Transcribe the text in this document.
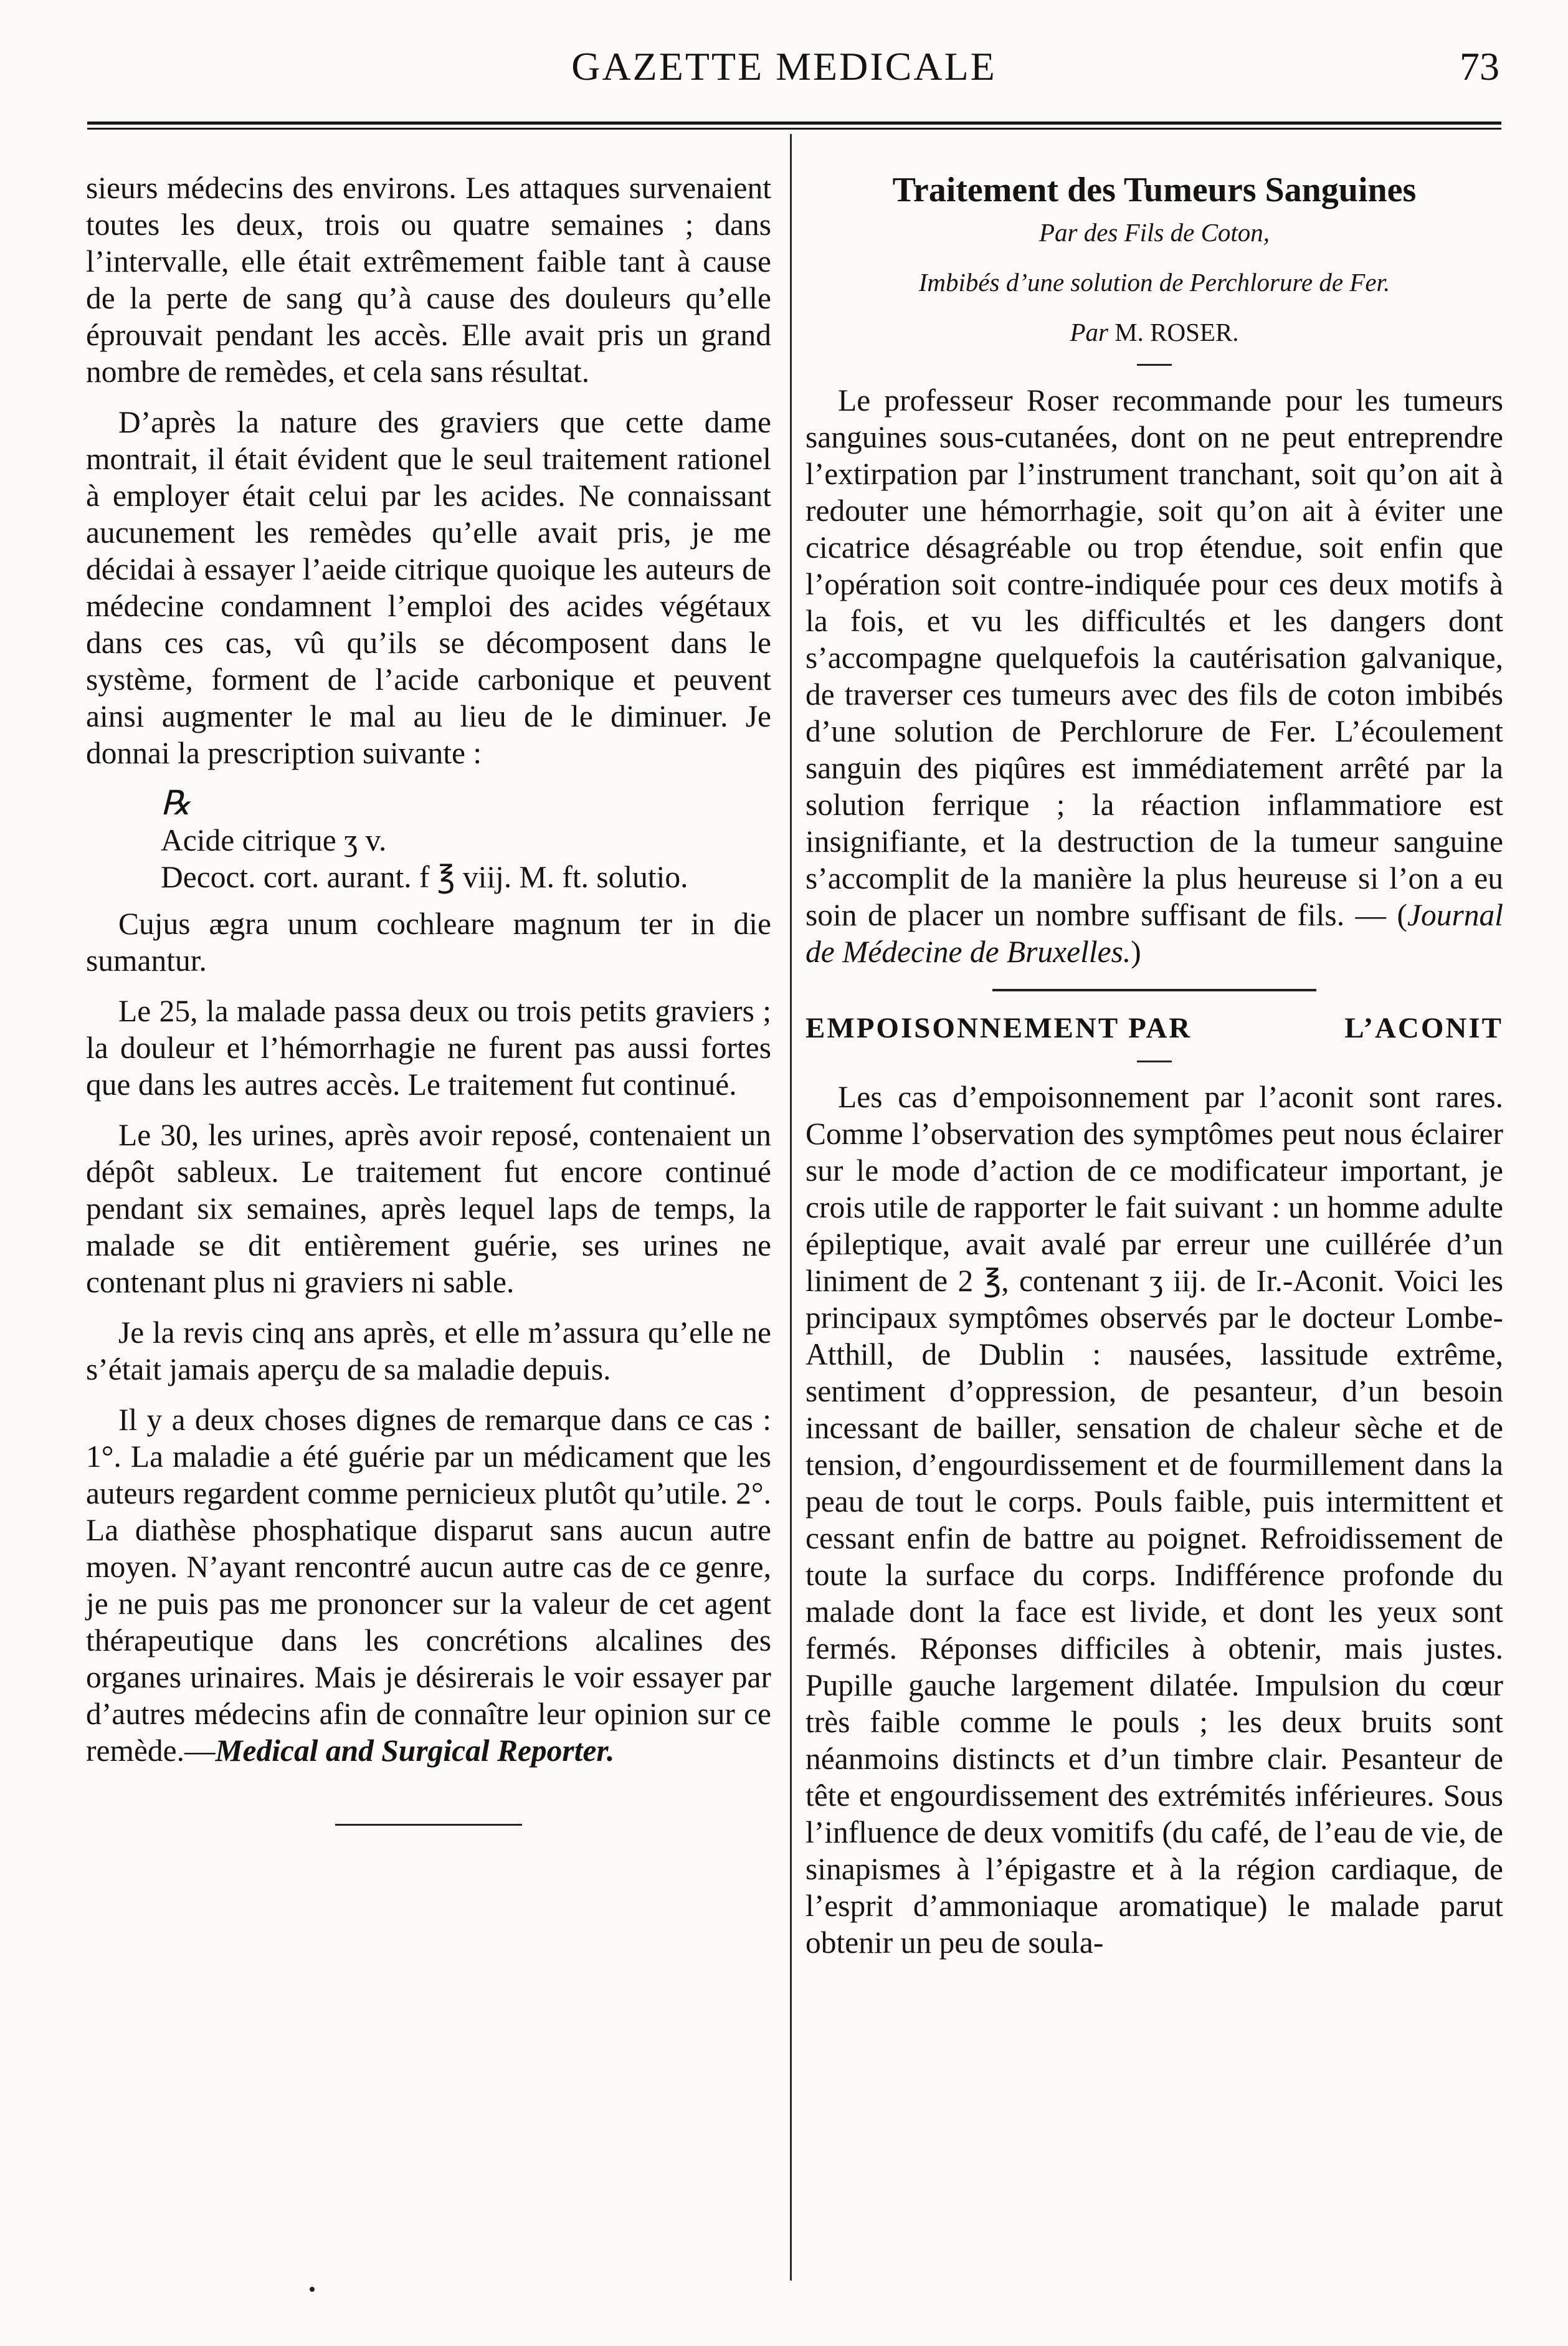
GAZETTE MEDICALE	73

sieurs médecins des environs. Les attaques survenaient toutes les deux, trois ou quatre semaines ; dans l’intervalle, elle était extrêmement faible tant à cause de la perte de sang qu’à cause des douleurs qu’elle éprouvait pendant les accès. Elle avait pris un grand nombre de remèdes, et cela sans résultat.

D’après la nature des graviers que cette dame montrait, il était évident que le seul traitement rationel à employer était celui par les acides. Ne connaissant aucunement les remèdes qu’elle avait pris, je me décidai à essayer l’aeide citrique quoique les auteurs de médecine condamnent l’emploi des acides végétaux dans ces cas, vû qu’ils se décomposent dans le système, forment de l’acide carbonique et peuvent ainsi augmenter le mal au lieu de le diminuer. Je donnai la prescription suivante :

℞
Acide citrique ʒ v.
Decoct. cort. aurant. f ℥ viij. M. ft. solutio.

Cujus ægra unum cochleare magnum ter in die sumantur.

Le 25, la malade passa deux ou trois petits graviers ; la douleur et l’hémorrhagie ne furent pas aussi fortes que dans les autres accès. Le traitement fut continué.

Le 30, les urines, après avoir reposé, contenaient un dépôt sableux. Le traitement fut encore continué pendant six semaines, après lequel laps de temps, la malade se dit entièrement guérie, ses urines ne contenant plus ni graviers ni sable.

Je la revis cinq ans après, et elle m’assura qu’elle ne s’était jamais aperçu de sa maladie depuis.

Il y a deux choses dignes de remarque dans ce cas : 1°. La maladie a été guérie par un médicament que les auteurs regardent comme pernicieux plutôt qu’utile. 2°. La diathèse phosphatique disparut sans aucun autre moyen. N’ayant rencontré aucun autre cas de ce genre, je ne puis pas me prononcer sur la valeur de cet agent thérapeutique dans les concrétions alcalines des organes urinaires. Mais je désirerais le voir essayer par d’autres médecins afin de connaître leur opinion sur ce remède.—Medical and Surgical Reporter.

Traitement des Tumeurs Sanguines

Par des Fils de Coton,

Imbibés d’une solution de Perchlorure de Fer.

Par M. ROSER.

Le professeur Roser recommande pour les tumeurs sanguines sous-cutanées, dont on ne peut entreprendre l’extirpation par l’instrument tranchant, soit qu’on ait à redouter une hémorrhagie, soit qu’on ait à éviter une cicatrice désagréable ou trop étendue, soit enfin que l’opération soit contre-indiquée pour ces deux motifs à la fois, et vu les difficultés et les dangers dont s’accompagne quelquefois la cautérisation galvanique, de traverser ces tumeurs avec des fils de coton imbibés d’une solution de Perchlorure de Fer. L’écoulement sanguin des piqûres est immédiatement arrêté par la solution ferrique ; la réaction inflammatiore est insignifiante, et la destruction de la tumeur sanguine s’accomplit de la manière la plus heureuse si l’on a eu soin de placer un nombre suffisant de fils. — (Journal de Médecine de Bruxelles.)

EMPOISONNEMENT PAR	L’ACONIT

Les cas d’empoisonnement par l’aconit sont rares. Comme l’observation des symptômes peut nous éclairer sur le mode d’action de ce modificateur important, je crois utile de rapporter le fait suivant : un homme adulte épileptique, avait avalé par erreur une cuillérée d’un liniment de 2 ℥, contenant ʒ iij. de Ir.-Aconit. Voici les principaux symptômes observés par le docteur Lombe-Atthill, de Dublin : nausées, lassitude extrême, sentiment d’oppression, de pesanteur, d’un besoin incessant de bailler, sensation de chaleur sèche et de tension, d’engourdissement et de fourmillement dans la peau de tout le corps. Pouls faible, puis intermittent et cessant enfin de battre au poignet. Refroidissement de toute la surface du corps. Indifférence profonde du malade dont la face est livide, et dont les yeux sont fermés. Réponses difficiles à obtenir, mais justes. Pupille gauche largement dilatée. Impulsion du cœur très faible comme le pouls ; les deux bruits sont néanmoins distincts et d’un timbre clair. Pesanteur de tête et engourdissement des extrémités inférieures. Sous l’influence de deux vomitifs (du café, de l’eau de vie, de sinapismes à l’épigastre et à la région cardiaque, de l’esprit d’ammoniaque aromatique) le malade parut obtenir un peu de soula-
